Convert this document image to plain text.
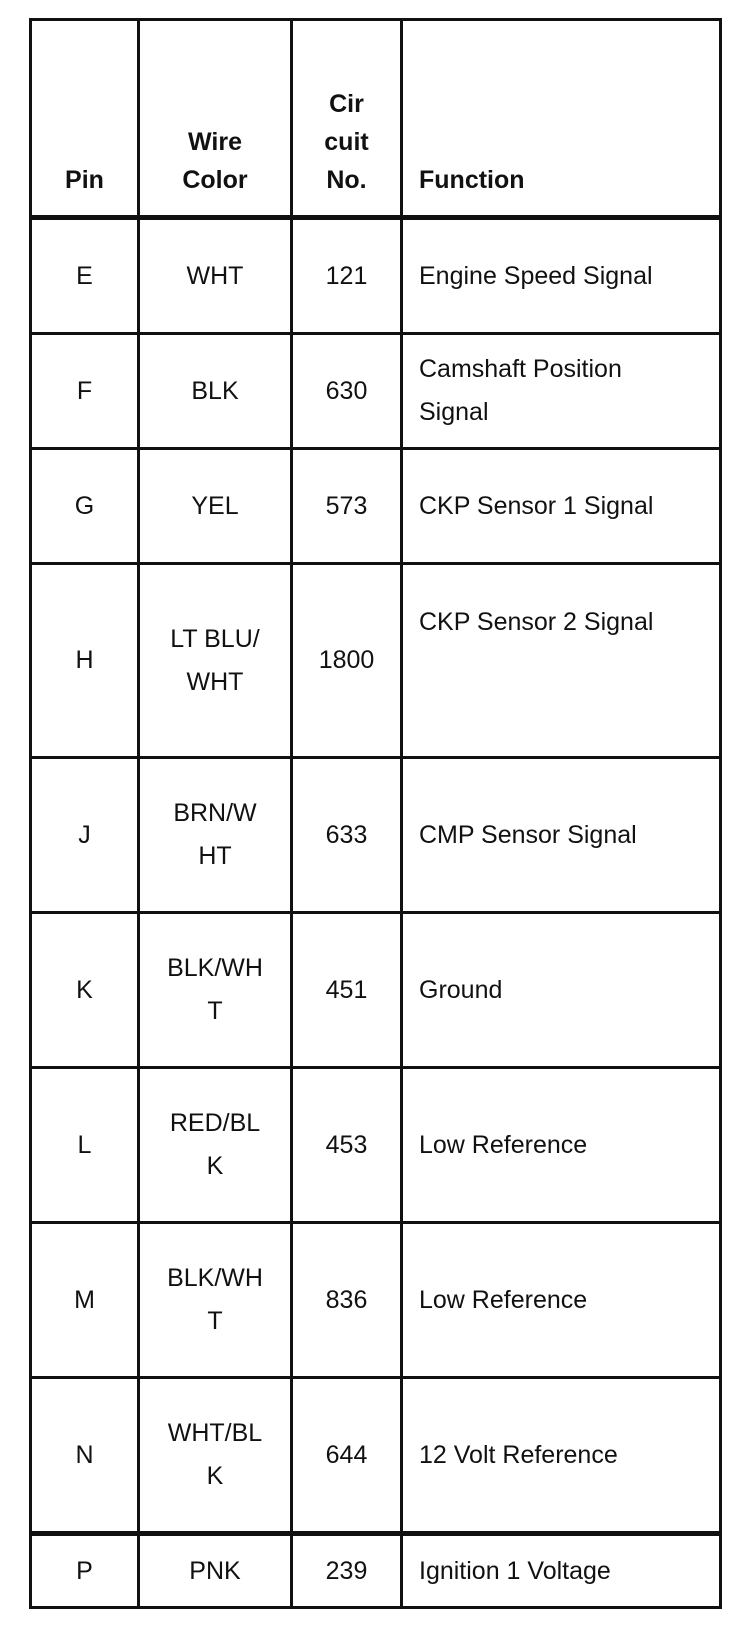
Pin	Wire Color	Cir cuit No.	Function
E	WHT	121	Engine Speed Signal
F	BLK	630	Camshaft Position Signal
G	YEL	573	CKP Sensor 1 Signal
H	LT BLU/WHT	1800	CKP Sensor 2 Signal
J	BRN/WHT	633	CMP Sensor Signal
K	BLK/WHT	451	Ground
L	RED/BLK	453	Low Reference
M	BLK/WHT	836	Low Reference
N	WHT/BLK	644	12 Volt Reference
P	PNK	239	Ignition 1 Voltage
